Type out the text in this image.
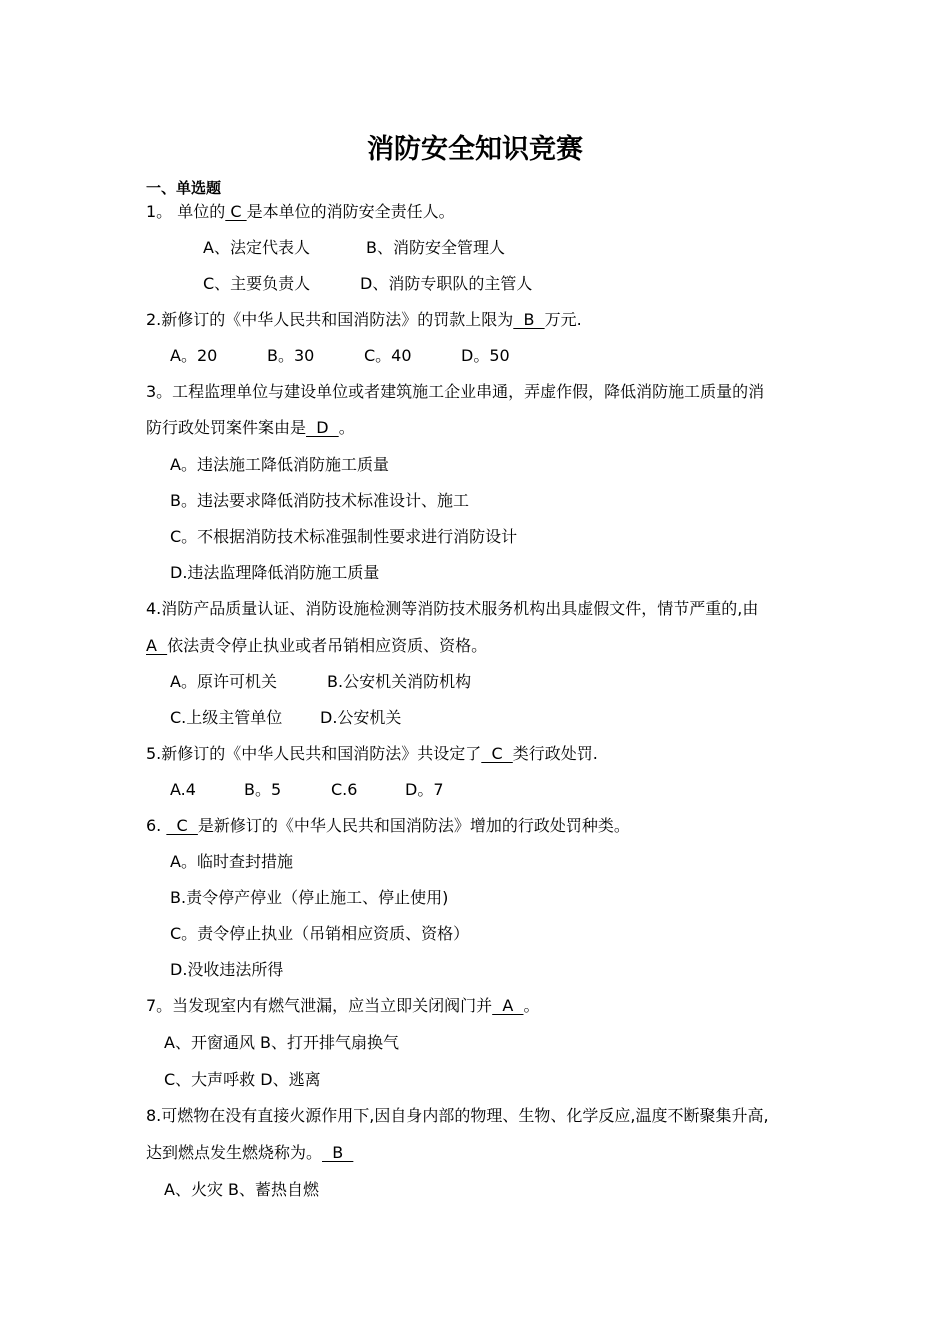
消防安全知识竞赛
一、单选题
1。 单位的 C 是本单位的消防安全责任人。
A、法定代表人	B、消防安全管理人
C、主要负责人	D、消防专职队的主管人
2.新修订的《中华人民共和国消防法》的罚款上限为  B  万元.
A。20	B。30	C。40	D。50
3。工程监理单位与建设单位或者建筑施工企业串通，弄虚作假，降低消防施工质量的消
防行政处罚案件案由是  D  。
A。违法施工降低消防施工质量
B。违法要求降低消防技术标准设计、施工
C。不根据消防技术标准强制性要求进行消防设计
D.违法监理降低消防施工质量
4.消防产品质量认证、消防设施检测等消防技术服务机构出具虚假文件，情节严重的,由
A  依法责令停止执业或者吊销相应资质、资格。
A。原许可机关	B.公安机关消防机构
C.上级主管单位 D.公安机关
5.新修订的《中华人民共和国消防法》共设定了  C  类行政处罚.
A.4	B。5	C.6	D。7
6.   C  是新修订的《中华人民共和国消防法》增加的行政处罚种类。
A。临时查封措施
B.责令停产停业（停止施工、停止使用)
C。责令停止执业（吊销相应资质、资格）
D.没收违法所得
7。当发现室内有燃气泄漏，应当立即关闭阀门并  A  。
A、开窗通风 B、打开排气扇换气
C、大声呼救 D、逃离
8.可燃物在没有直接火源作用下,因自身内部的物理、生物、化学反应,温度不断聚集升高,
达到燃点发生燃烧称为。  B
A、火灾 B、蓄热自燃
